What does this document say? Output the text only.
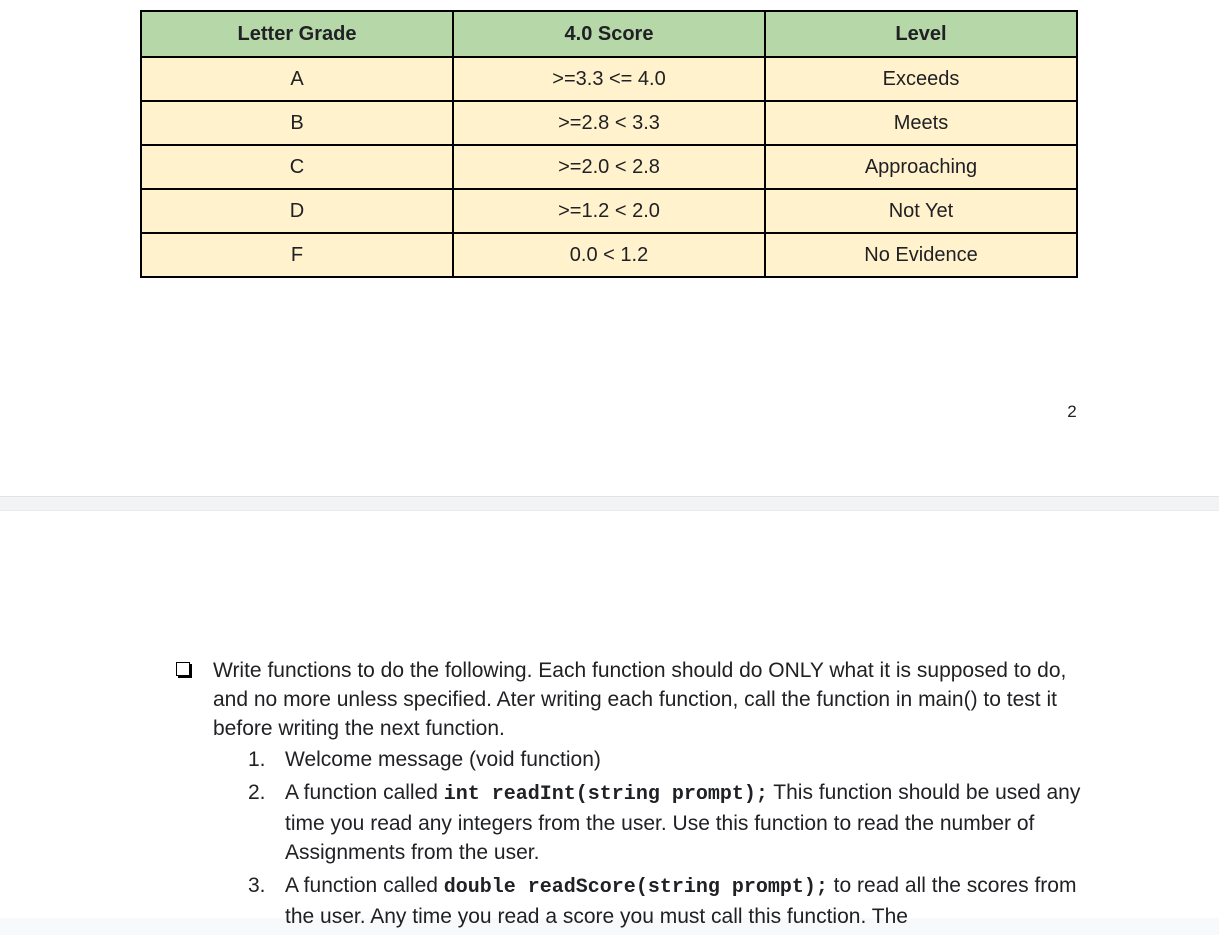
Letter Grade	4.0 Score	Level
A	>=3.3 <= 4.0	Exceeds
B	>=2.8 < 3.3	Meets
C	>=2.0 < 2.8	Approaching
D	>=1.2 < 2.0	Not Yet
F	0.0 < 1.2	No Evidence
2
Write functions to do the following. Each function should do ONLY what it is supposed to do, and no more unless specified. Ater writing each function, call the function in main() to test it before writing the next function.
1. Welcome message (void function)
2. A function called int readInt(string prompt); This function should be used any time you read any integers from the user. Use this function to read the number of Assignments from the user.
3. A function called double readScore(string prompt); to read all the scores from the user. Any time you read a score you must call this function. The
